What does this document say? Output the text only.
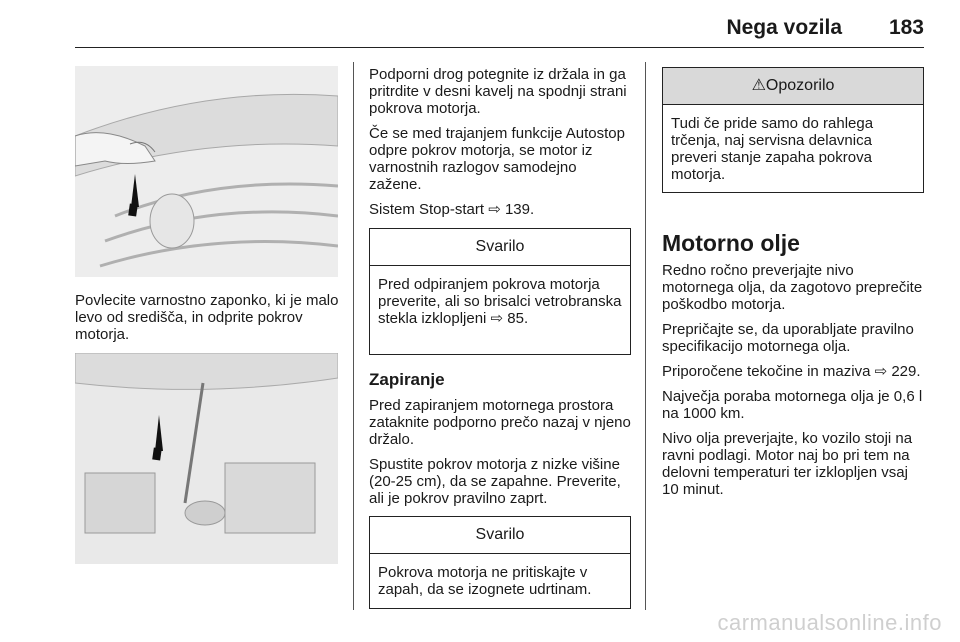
Nega vozila 183

Povlecite varnostno zaponko, ki je malo levo od središča, in odprite pokrov motorja.

Podporni drog potegnite iz držala in ga pritrdite v desni kavelj na spodnji strani pokrova motorja.

Če se med trajanjem funkcije Autostop odpre pokrov motorja, se motor iz varnostnih razlogov samodejno zažene.

Sistem Stop-start ⇨ 139.

Svarilo
Pred odpiranjem pokrova motorja preverite, ali so brisalci vetrobranska stekla izklopljeni ⇨ 85.
Zapiranje

Pred zapiranjem motornega prostora zataknite podporno prečo nazaj v njeno držalo.

Spustite pokrov motorja z nizke višine (20-25 cm), da se zapahne. Preverite, ali je pokrov pravilno zaprt.

Svarilo
Pokrova motorja ne pritiskajte v zapah, da se izognete udrtinam.
⚠Opozorilo
Tudi če pride samo do rahlega trčenja, naj servisna delavnica preveri stanje zapaha pokrova motorja.
Motorno olje

Redno ročno preverjajte nivo motornega olja, da zagotovo preprečite poškodbo motorja.

Prepričajte se, da uporabljate pravilno specifikacijo motornega olja.

Priporočene tekočine in maziva ⇨ 229.

Največja poraba motornega olja je 0,6 l na 1000 km.

Nivo olja preverjajte, ko vozilo stoji na ravni podlagi. Motor naj bo pri tem na delovni temperaturi ter izklopljen vsaj 10 minut.

carmanualsonline.info
